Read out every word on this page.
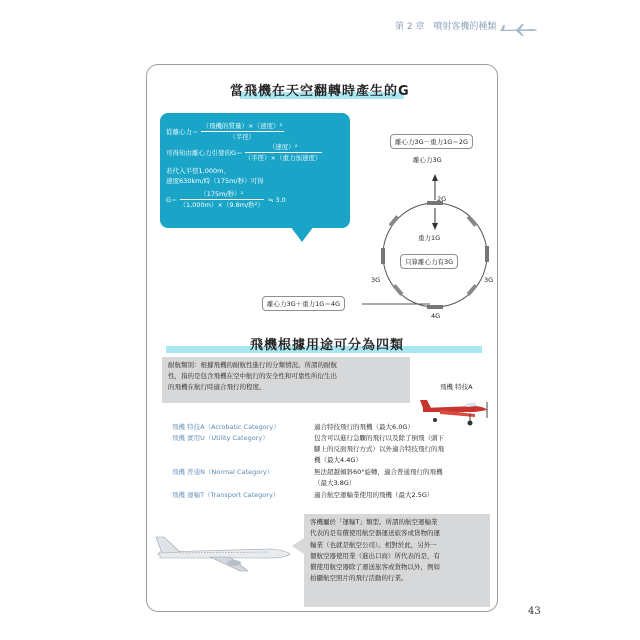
第 2 章 噴射客機的種類
當飛機在天空翻轉時產生的G
從離心力＝
（飛機的質量）×（速度）²
（半徑）
可得知由離心力引發的G＝
（速度）²
（半徑）×（重力加速度）
若代入半徑1,000m、
速度630km/時（175m/秒）可得
G＝
（175m/秒）²
（1,000m）×（9.8m/秒²）
≒ 3.0
離心力3G－重力1G＝2G
離心力3G
2G
重力1G
只算離心力有3G
3G	3G
離心力3G＋重力1G＝4G
4G
飛機根據用途可分為四類
耐航類別：根據飛機的耐航性進行的分類情況。所謂的耐航
性，指的是包含飛機在空中航行的安全性和可靠性所衍生出
的飛機在航行時適合飛行的程度。	飛機 特技A
飛機 特技A（Acrobatic Category）	適合特技飛行的飛機（最大6.0G）
飛機 實用U（Utility Category）	包含可以進行急驟的飛行以及除了倒飛（頭下
腳上的反面飛行方式）以外適合特技飛行的飛
機（最大4.4G）
飛機 普通N（Normal Category）	無法超越傾斜60°旋轉，適合普通飛行的飛機
（最大3.8G）
飛機 運輸T（Transport Category）	適合航空運輸業使用的飛機（最大2.5G）
客機屬於「運輸T」類型。所謂的航空運輸業
代表的是有償使用航空器運送旅客或貨物的運
輸業（也就是航空公司）。相對於此，另外一
個航空器使用業（進出口商）所代表的是，有
償使用航空器除了運送旅客或貨物以外，例如
拍攝航空照片的飛行活動的行業。
43
